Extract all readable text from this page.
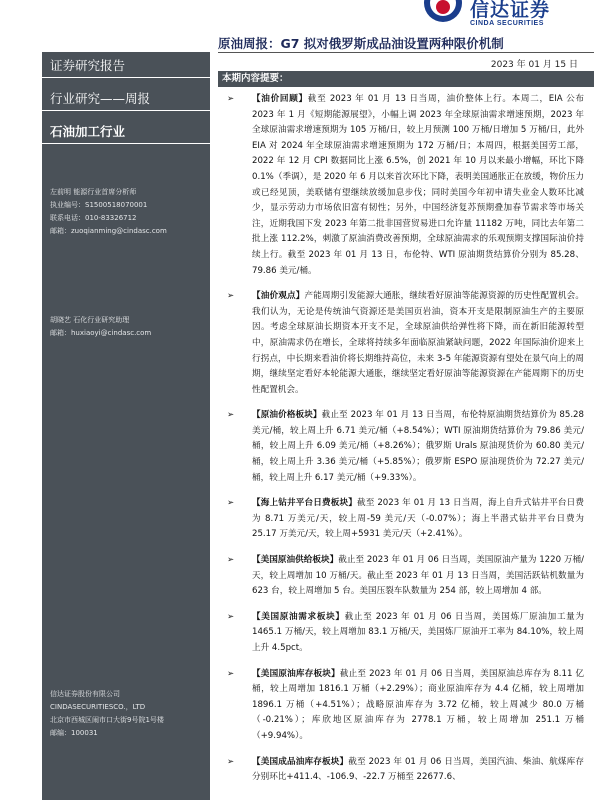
信达证券
CINDA SECURITIES
证券研究报告
行业研究——周报
石油加工行业
左前明 能源行业首席分析师
执业编号：S1500518070001
联系电话：010-83326712
邮箱：zuoqianming@cindasc.com
胡晓艺 石化行业研究助理
邮箱：huxiaoyi@cindasc.com
信达证券股份有限公司
CINDASECURITIESCO.，LTD
北京市西城区闹市口大街9号院1号楼
邮编：100031
原油周报：G7 拟对俄罗斯成品油设置两种限价机制
2023 年 01 月 15 日
本期内容提要：
➢ 【油价回顾】截至 2023 年 01 月 13 日当周，油价整体上行。本周二，EIA 公布 2023 年 1 月《短期能源展望》，小幅上调 2023 年全球原油需求增速预期，2023 年全球原油需求增速预期为 105 万桶/日，较上月预测 100 万桶/日增加 5 万桶/日，此外 EIA 对 2024 年全球原油需求增速预期为 172 万桶/日；本周四，根据美国劳工部，2022 年 12 月 CPI 数据同比上涨 6.5%，创 2021 年 10 月以来最小增幅，环比下降 0.1%（季调），是 2020 年 6 月以来首次环比下降，表明美国通胀正在放缓，物价压力或已经见顶，美联储有望继续放缓加息步伐；同时美国今年初申请失业金人数环比减少，显示劳动力市场依旧富有韧性；另外，中国经济复苏预期叠加春节需求等市场关注，近期我国下发 2023 年第二批非国营贸易进口允许量 11182 万吨，同比去年第二批上涨 112.2%，刺激了原油消费改善预期，全球原油需求的乐观预期支撑国际油价持续上行。截至 2023 年 01 月 13 日，布伦特、WTI 原油期货结算价分别为 85.28、79.86 美元/桶。
➢ 【油价观点】产能周期引发能源大通胀，继续看好原油等能源资源的历史性配置机会。我们认为，无论是传统油气资源还是美国页岩油，资本开支是限制原油生产的主要原因。考虑全球原油长期资本开支不足，全球原油供给弹性将下降，而在新旧能源转型中，原油需求仍在增长，全球将持续多年面临原油紧缺问题，2022 年国际油价迎来上行拐点，中长期来看油价将长期维持高位，未来 3-5 年能源资源有望处在景气向上的周期，继续坚定看好本轮能源大通胀，继续坚定看好原油等能源资源在产能周期下的历史性配置机会。
➢ 【原油价格板块】截止至 2023 年 01 月 13 日当周，布伦特原油期货结算价为 85.28 美元/桶，较上周上升 6.71 美元/桶（+8.54%）；WTI 原油期货结算价为 79.86 美元/桶，较上周上升 6.09 美元/桶（+8.26%）；俄罗斯 Urals 原油现货价为 60.80 美元/桶，较上周上升 3.36 美元/桶（+5.85%）；俄罗斯 ESPO 原油现货价为 72.27 美元/桶，较上周上升 6.17 美元/桶（+9.33%）。
➢ 【海上钻井平台日费板块】截至 2023 年 01 月 13 日当周，海上自升式钻井平台日费为 8.71 万美元/天，较上周-59 美元/天（-0.07%）；海上半潜式钻井平台日费为 25.17 万美元/天，较上周+5931 美元/天（+2.41%）。
➢ 【美国原油供给板块】截止至 2023 年 01 月 06 日当周，美国原油产量为 1220 万桶/天，较上周增加 10 万桶/天。截止至 2023 年 01 月 13 日当周，美国活跃钻机数量为 623 台，较上周增加 5 台。美国压裂车队数量为 254 部，较上周增加 4 部。
➢ 【美国原油需求板块】截止至 2023 年 01 月 06 日当周，美国炼厂原油加工量为 1465.1 万桶/天，较上周增加 83.1 万桶/天，美国炼厂原油开工率为 84.10%，较上周上升 4.5pct。
➢ 【美国原油库存板块】截止至 2023 年 01 月 06 日当周，美国原油总库存为 8.11 亿桶，较上周增加 1816.1 万桶（+2.29%）；商业原油库存为 4.4 亿桶，较上周增加 1896.1 万桶（+4.51%）；战略原油库存为 3.72 亿桶，较上周减少 80.0 万桶（-0.21%）；库欣地区原油库存为 2778.1 万桶，较上周增加 251.1 万桶（+9.94%）。
➢ 【美国成品油库存板块】截至 2023 年 01 月 06 日当周，美国汽油、柴油、航煤库存分别环比+411.4、-106.9、-22.7 万桶至 22677.6、
